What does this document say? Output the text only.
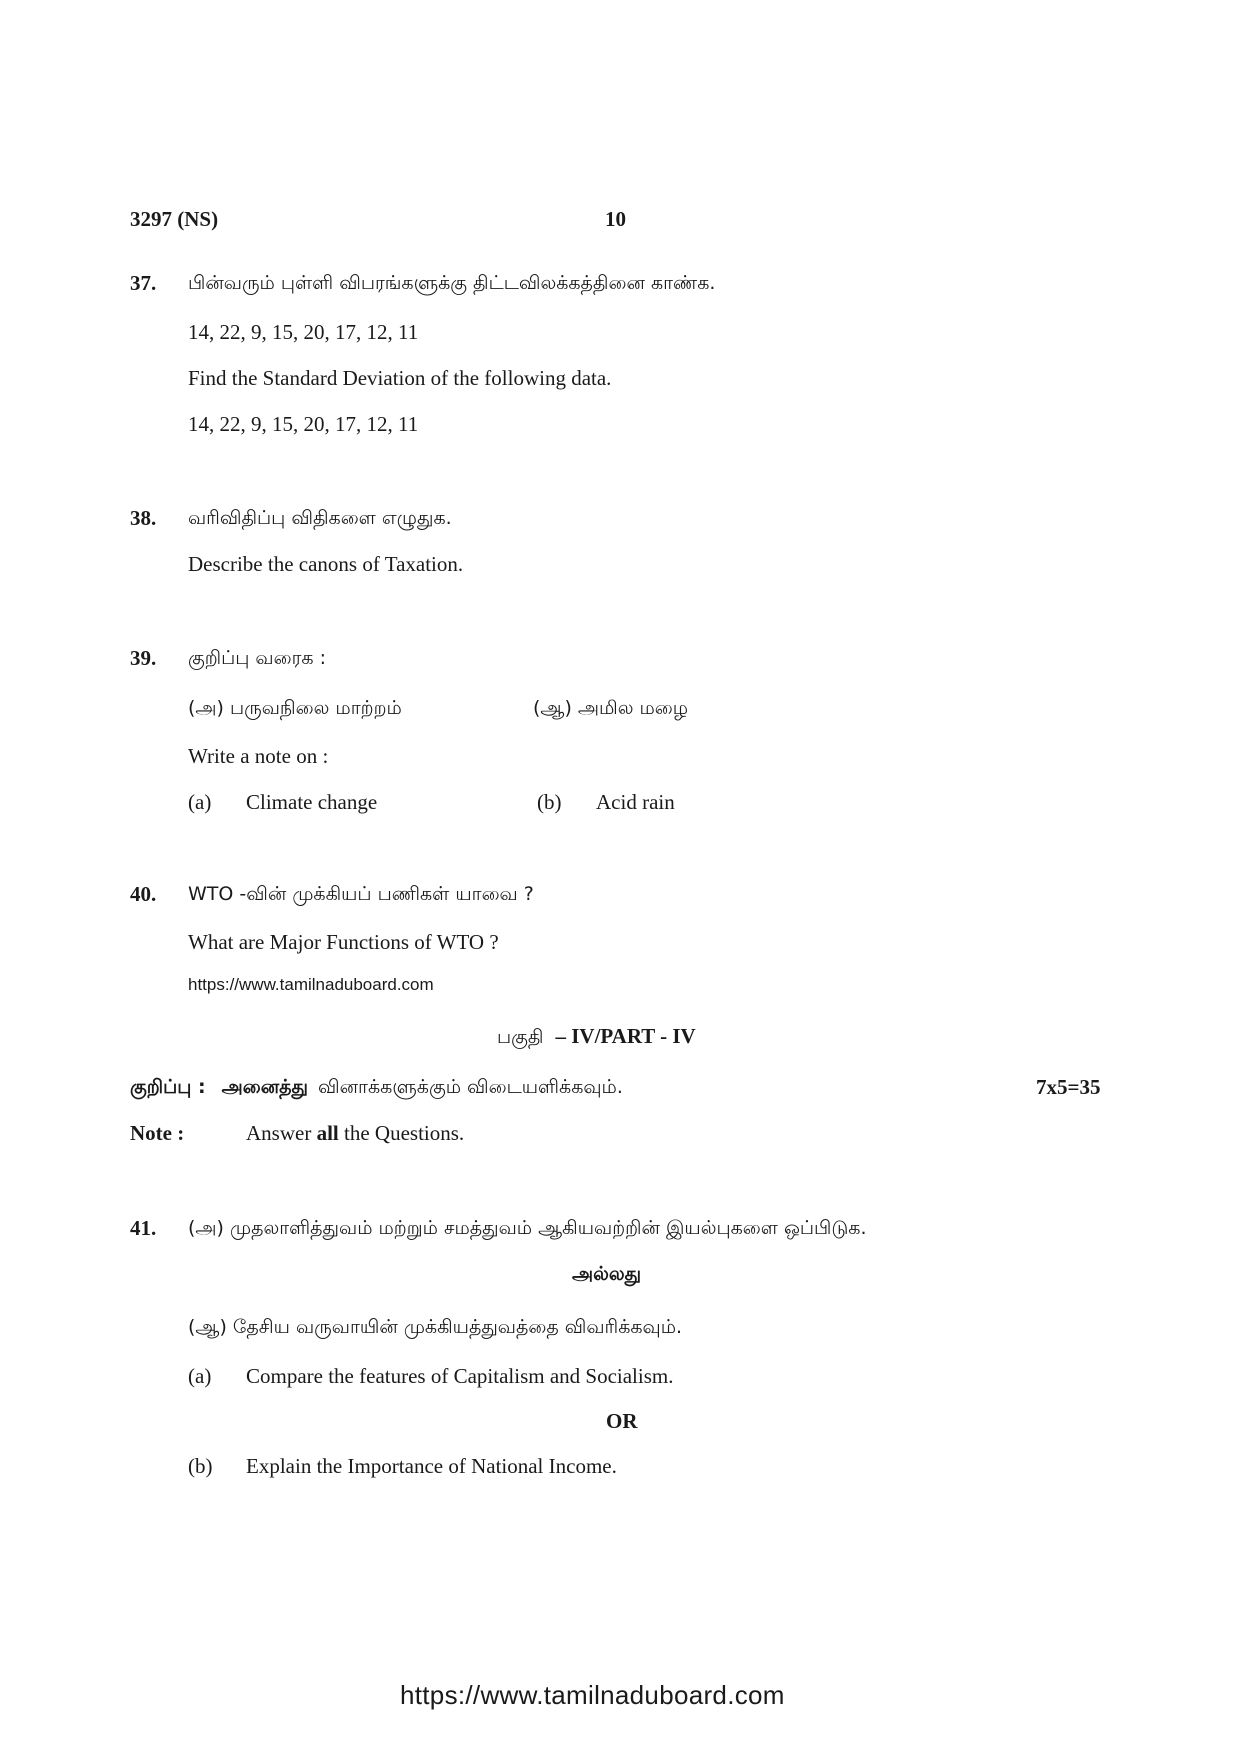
3297 (NS)	10
37. பின்வரும் புள்ளி விபரங்களுக்கு திட்டவிலக்கத்தினை காண்க.
14, 22, 9, 15, 20, 17, 12, 11
Find the Standard Deviation of the following data.
14, 22, 9, 15, 20, 17, 12, 11
38. வரிவிதிப்பு விதிகளை எழுதுக.
Describe the canons of Taxation.
39. குறிப்பு வரைக :
(அ) பருவநிலை மாற்றம்	(ஆ) அமில மழை
Write a note on :
(a) Climate change	(b) Acid rain
40. WTO -வின் முக்கியப் பணிகள் யாவை ?
What are Major Functions of WTO ?
https://www.tamilnaduboard.com
பகுதி – IV/PART - IV
குறிப்பு : அனைத்து வினாக்களுக்கும் விடையளிக்கவும்.	7x5=35
Note :	Answer all the Questions.
41. (அ) முதலாளித்துவம் மற்றும் சமத்துவம் ஆகியவற்றின் இயல்புகளை ஒப்பிடுக.
அல்லது
(ஆ) தேசிய வருவாயின் முக்கியத்துவத்தை விவரிக்கவும்.
(a) Compare the features of Capitalism and Socialism.
OR
(b) Explain the Importance of National Income.
https://www.tamilnaduboard.com
